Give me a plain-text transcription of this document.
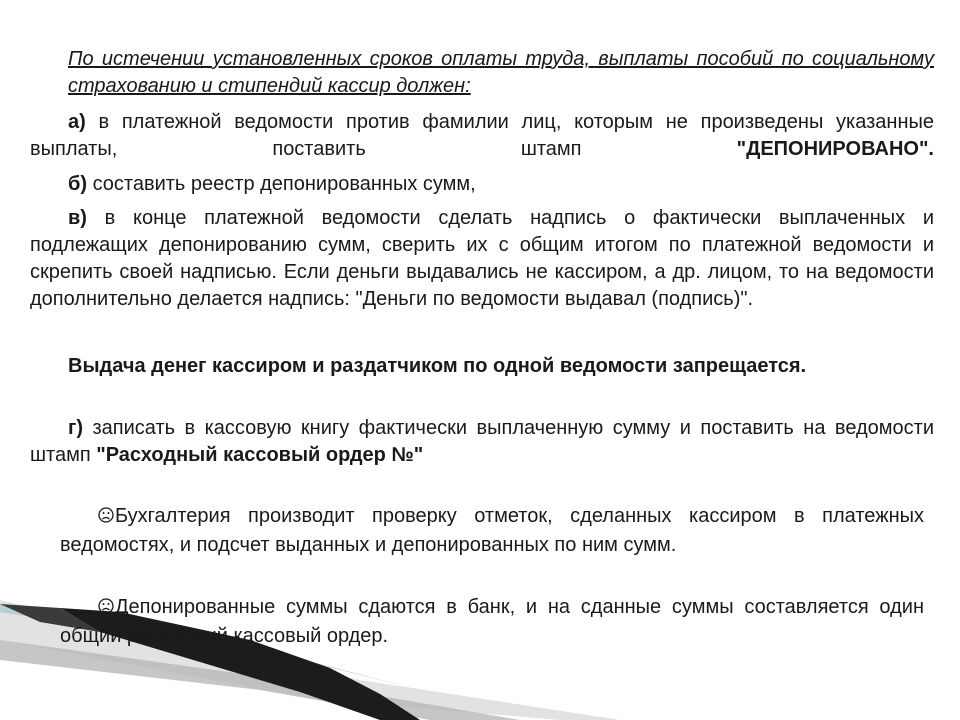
По истечении установленных сроков оплаты труда, выплаты пособий по социальному страхованию и стипендий кассир должен:

а) в платежной ведомости против фамилии лиц, которым не произведены указанные выплаты, поставить штамп "ДЕПОНИРОВАНО".

б) составить реестр депонированных сумм,

в) в конце платежной ведомости сделать надпись о фактически выплаченных и подлежащих депонированию сумм, сверить их с общим итогом по платежной ведомости и скрепить своей надписью. Если деньги выдавались не кассиром, а др. лицом, то на ведомости дополнительно делается надпись: "Деньги по ведомости выдавал (подпись)".

Выдача денег кассиром и раздатчиком по одной ведомости запрещается.

г) записать в кассовую книгу фактически выплаченную сумму и поставить на ведомости штамп "Расходный кассовый ордер №"

Бухгалтерия производит проверку отметок, сделанных кассиром в платежных ведомостях, и подсчет выданных и депонированных по ним сумм.

Депонированные суммы сдаются в банк, и на сданные суммы составляется один общий расходный кассовый ордер.
